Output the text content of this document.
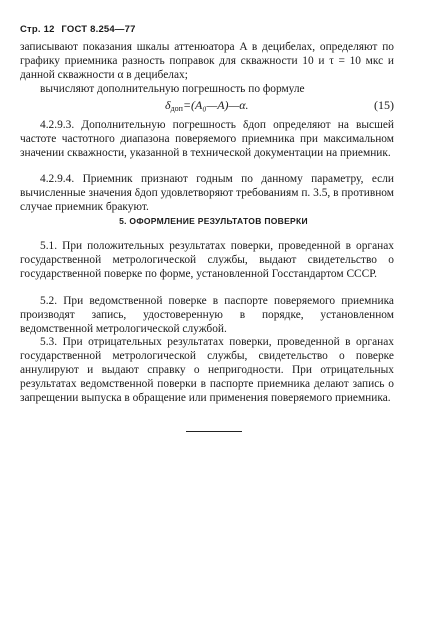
Стр. 12 ГОСТ 8.254—77
записывают показания шкалы аттенюатора A в децибелах, определяют по графику приемника разность поправок для скважности 10 и τ = 10 мкс и данной скважности α в децибелах;
вычисляют дополнительную погрешность по формуле
$\delta_{доп}=(A_0—A)—\alpha$.	(15)
4.2.9.3. Дополнительную погрешность δдоп определяют на высшей частоте частотного диапазона поверяемого приемника при максимальном значении скважности, указанной в технической документации на приемник.
4.2.9.4. Приемник признают годным по данному параметру, если вычисленные значения δдоп удовлетворяют требованиям п. 3.5, в противном случае приемник бракуют.
5. ОФОРМЛЕНИЕ РЕЗУЛЬТАТОВ ПОВЕРКИ
5.1. При положительных результатах поверки, проведенной в органах государственной метрологической службы, выдают свидетельство о государственной поверке по форме, установленной Госстандартом СССР.
5.2. При ведомственной поверке в паспорте поверяемого приемника производят запись, удостоверенную в порядке, установленном ведомственной метрологической службой.
5.3. При отрицательных результатах поверки, проведенной в органах государственной метрологической службы, свидетельство о поверке аннулируют и выдают справку о непригодности. При отрицательных результатах ведомственной поверки в паспорте приемника делают запись о запрещении выпуска в обращение или применения поверяемого приемника.
